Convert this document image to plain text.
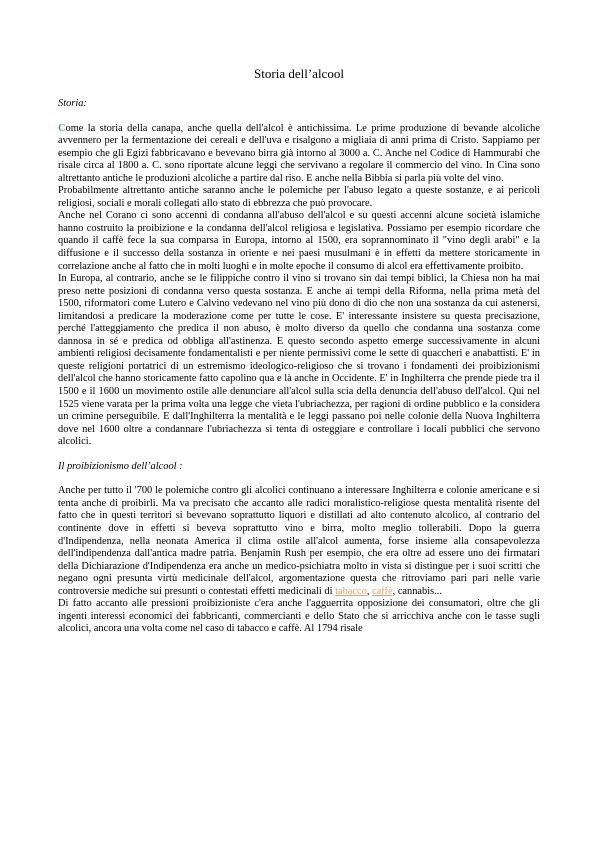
Storia dell’alcool
Storia:

Come la storia della canapa, anche quella dell'alcol è antichissima. Le prime produzione di bevande alcoliche avvennero per la fermentazione dei cereali e dell'uva e risalgono a migliaia di anni prima di Cristo. Sappiamo per esempio che gli Egizi fabbricavano e bevevano birra già intorno al 3000 a. C. Anche nel Codice di Hammurabi che risale circa al 1800 a. C. sono riportate alcune leggi che servivano a regolare il commercio del vino. In Cina sono altrettanto antiche le produzioni alcoliche a partire dal riso. E anche nella Bibbia si parla più volte del vino.

Probabilmente altrettanto antiche saranno anche le polemiche per l'abuso legato a queste sostanze, e ai pericoli religiosi, sociali e morali collegati allo stato di ebbrezza che può provocare.

Anche nel Corano ci sono accenni di condanna all'abuso dell'alcol e su questi accenni alcune società islamiche hanno costruito la proibizione e la condanna dell'alcol religiosa e legislativa. Possiamo per esempio ricordare che quando il caffè fece la sua comparsa in Europa, intorno al 1500, era soprannominato il "vino degli arabi" e la diffusione e il successo della sostanza in oriente e nei paesi musulmani è in effetti da mettere storicamente in correlazione anche al fatto che in molti luoghi e in molte epoche il consumo di alcol era effettivamente proibito.

In Europa, al contrario, anche se le filippiche contro il vino si trovano sin dai tempi biblici, la Chiesa non ha mai preso nette posizioni di condanna verso questa sostanza. E anche ai tempi della Riforma, nella prima metà del 1500, riformatori come Lutero e Calvino vedevano nel vino più dono di dio che non una sostanza da cui astenersi, limitandosi a predicare la moderazione come per tutte le cose. E' interessante insistere su questa precisazione, perché l'atteggiamento che predica il non abuso, è molto diverso da quello che condanna una sostanza come dannosa in sé e predica od obbliga all'astinenza. E questo secondo aspetto emerge successivamente in alcuni ambienti religiosi decisamente fondamentalisti e per niente permissivi come le sette di quaccheri e anabattisti. E' in queste religioni portatrici di un estremismo ideologico-religioso che si trovano i fondamenti dei proibizionismi dell'alcol che hanno storicamente fatto capolino qua e là anche in Occidente. E' in Inghilterra che prende piede tra il 1500 e il 1600 un movimento ostile alle denunciare all'alcol sulla scia della denuncia dell'abuso dell'alcol. Qui nel 1525 viene varata per la prima volta una legge che vieta l'ubriachezza, per ragioni di ordine pubblico e la considera un crimine perseguibile. E dall'Inghilterra la mentalità e le leggi passano poi nelle colonie della Nuova Inghilterra dove nel 1600 oltre a condannare l'ubriachezza si tenta di osteggiare e controllare i locali pubblici che servono alcolici.

Il proibizionismo dell’alcool :

Anche per tutto il '700 le polemiche contro gli alcolici continuano a interessare Inghilterra e colonie americane e si tenta anche di proibirli. Ma va precisato che accanto alle radici moralistico-religiose questa mentalità risente del fatto che in questi territori si bevevano soprattutto liquori e distillati ad alto contenuto alcolico, al contrario del continente dove in effetti si beveva soprattutto vino e birra, molto meglio tollerabili. Dopo la guerra d'Indipendenza, nella neonata America il clima ostile all'alcol aumenta, forse insieme alla consapevolezza dell'indipendenza dall'antica madre patria. Benjamin Rush per esempio, che era oltre ad essere uno dei firmatari della Dichiarazione d'Indipendenza era anche un medico-psichiatra molto in vista si distingue per i suoi scritti che negano ogni presunta virtù medicinale dell'alcol, argomentazione questa che ritroviamo pari pari nelle varie controversie mediche sui presunti o contestati effetti medicinali di tabacco, caffè, cannabis...

Di fatto accanto alle pressioni proibizioniste c'era anche l'agguerrita opposizione dei consumatori, oltre che gli ingenti interessi economici dei fabbricanti, commercianti e dello Stato che si arricchiva anche con le tasse sugli alcolici, ancora una volta come nel caso di tabacco e caffè. Al 1794 risale
